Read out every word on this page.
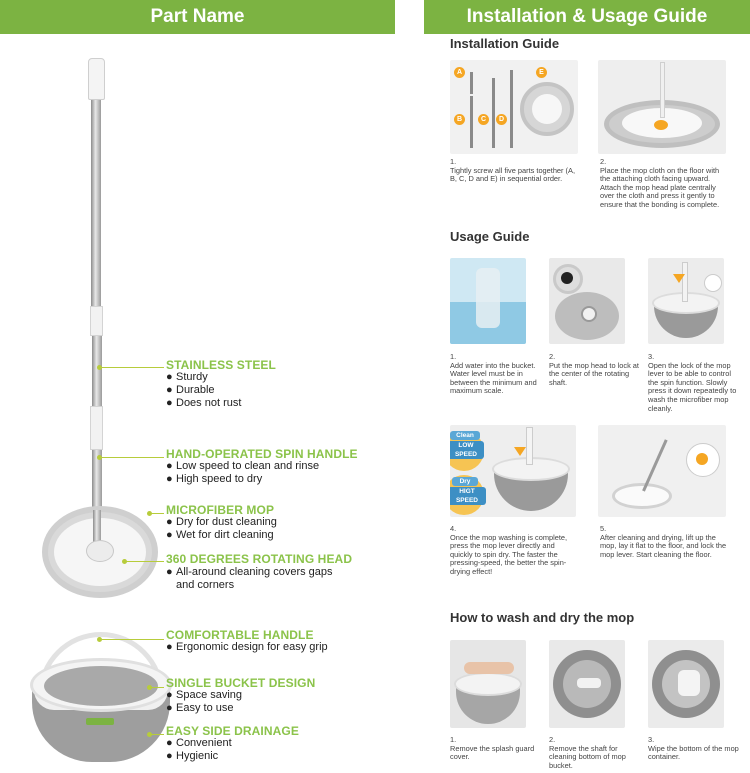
Part Name
STAINLESS STEEL
● Sturdy
● Durable
● Does not rust
HAND-OPERATED SPIN HANDLE
● Low speed to clean and rinse
● High speed to dry
MICROFIBER MOP
● Dry for dust cleaning
● Wet for dirt cleaning
360 DEGREES ROTATING HEAD
● All-around cleaning covers gaps
and corners
COMFORTABLE HANDLE
● Ergonomic design for easy grip
SINGLE BUCKET DESIGN
● Space saving
● Easy to use
EASY SIDE DRAINAGE
● Convenient
● Hygienic
Installation & Usage Guide
Installation Guide
A
B	C	D
E
1.
Tightly screw all five parts together (A, B, C, D and E) in sequential order.
2.
Place the mop cloth on the floor with the attaching cloth facing upward. Attach the mop head plate centrally over the cloth and press it gently to ensure that the bonding is complete.
Usage Guide
1.
Add water into the bucket. Water level must be in between the minimum and maximum scale.
2.
Put the mop head to lock at the center of the rotating shaft.
3.
Open the lock of the mop lever to be able to control the spin function. Slowly press it down repeatedly to wash the microfiber mop cleanly.
Clean
LOW SPEED
Dry
HIGT SPEED
4.
Once the mop washing is complete, press the mop lever directly and quickly to spin dry. The faster the pressing-speed, the better the spin-drying effect!
5.
After cleaning and drying, lift up the mop, lay it flat to the floor, and lock the mop lever. Start cleaning the floor.
How to wash and dry the mop
1.
Remove the splash guard cover.
2.
Remove the shaft for cleaning bottom of mop bucket.
3.
Wipe the bottom of the mop container.
